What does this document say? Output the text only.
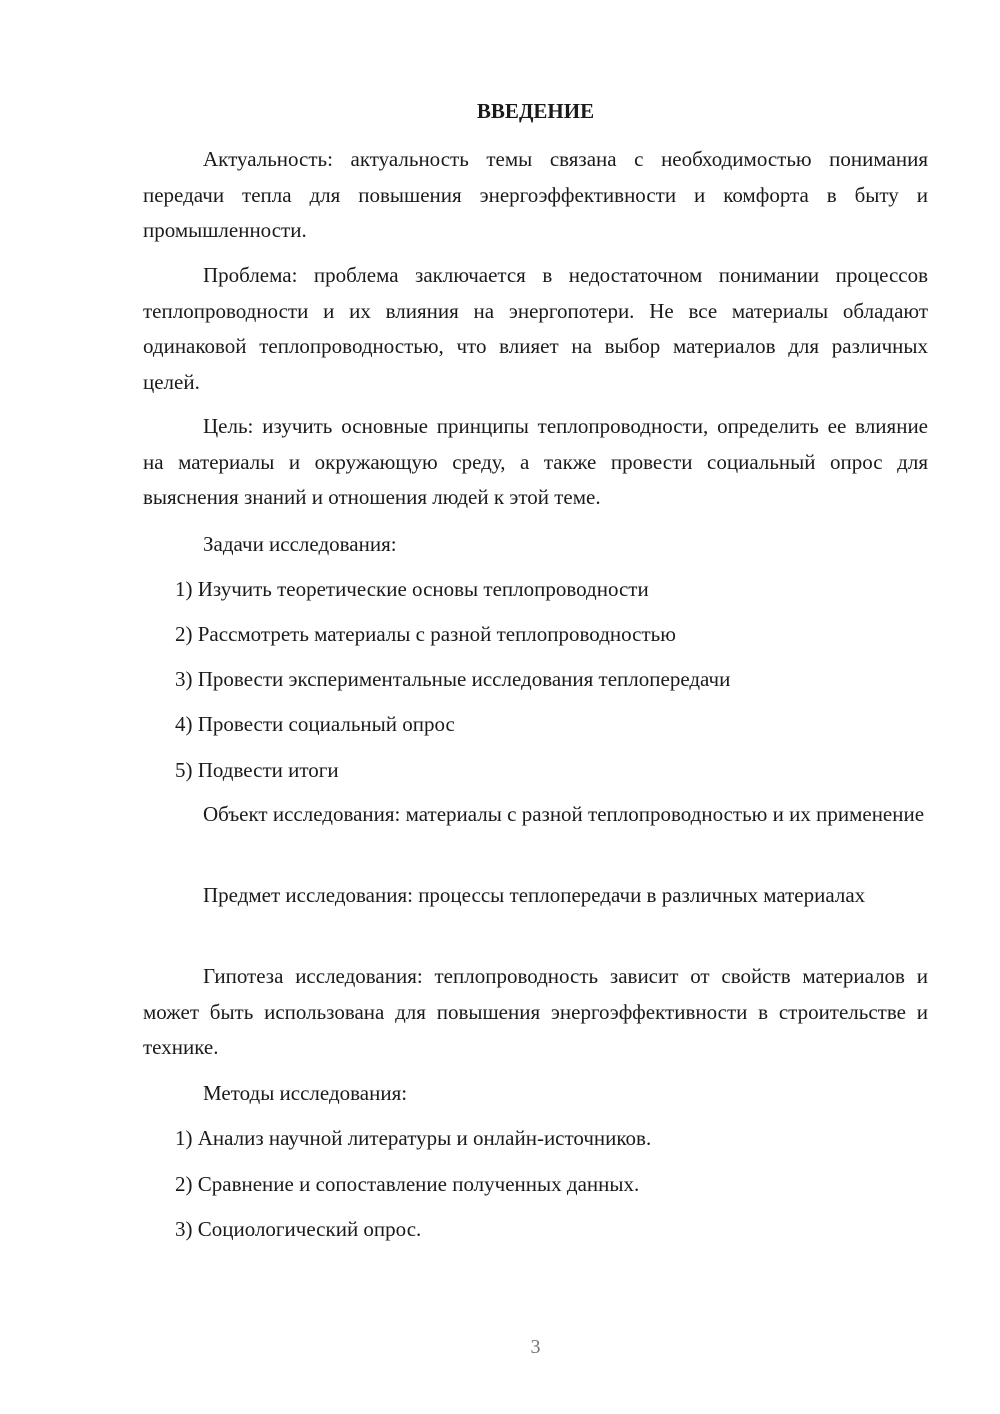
ВВЕДЕНИЕ
Актуальность: актуальность темы связана с необходимостью понимания передачи тепла для повышения энергоэффективности и комфорта в быту и промышленности.
Проблема: проблема заключается в недостаточном понимании процессов теплопроводности и их влияния на энергопотери. Не все материалы обладают одинаковой теплопроводностью, что влияет на выбор материалов для различных целей.
Цель: изучить основные принципы теплопроводности, определить ее влияние на материалы и окружающую среду, а также провести социальный опрос для выяснения знаний и отношения людей к этой теме.
Задачи исследования:
1) Изучить теоретические основы теплопроводности
2) Рассмотреть материалы с разной теплопроводностью
3) Провести экспериментальные исследования теплопередачи
4) Провести социальный опрос
5) Подвести итоги
Объект исследования: материалы с разной теплопроводностью и их применение
Предмет исследования: процессы теплопередачи в различных материалах
Гипотеза исследования: теплопроводность зависит от свойств материалов и может быть использована для повышения энергоэффективности в строительстве и технике.
Методы исследования:
1) Анализ научной литературы и онлайн-источников.
2) Сравнение и сопоставление полученных данных.
3) Социологический опрос.
3
